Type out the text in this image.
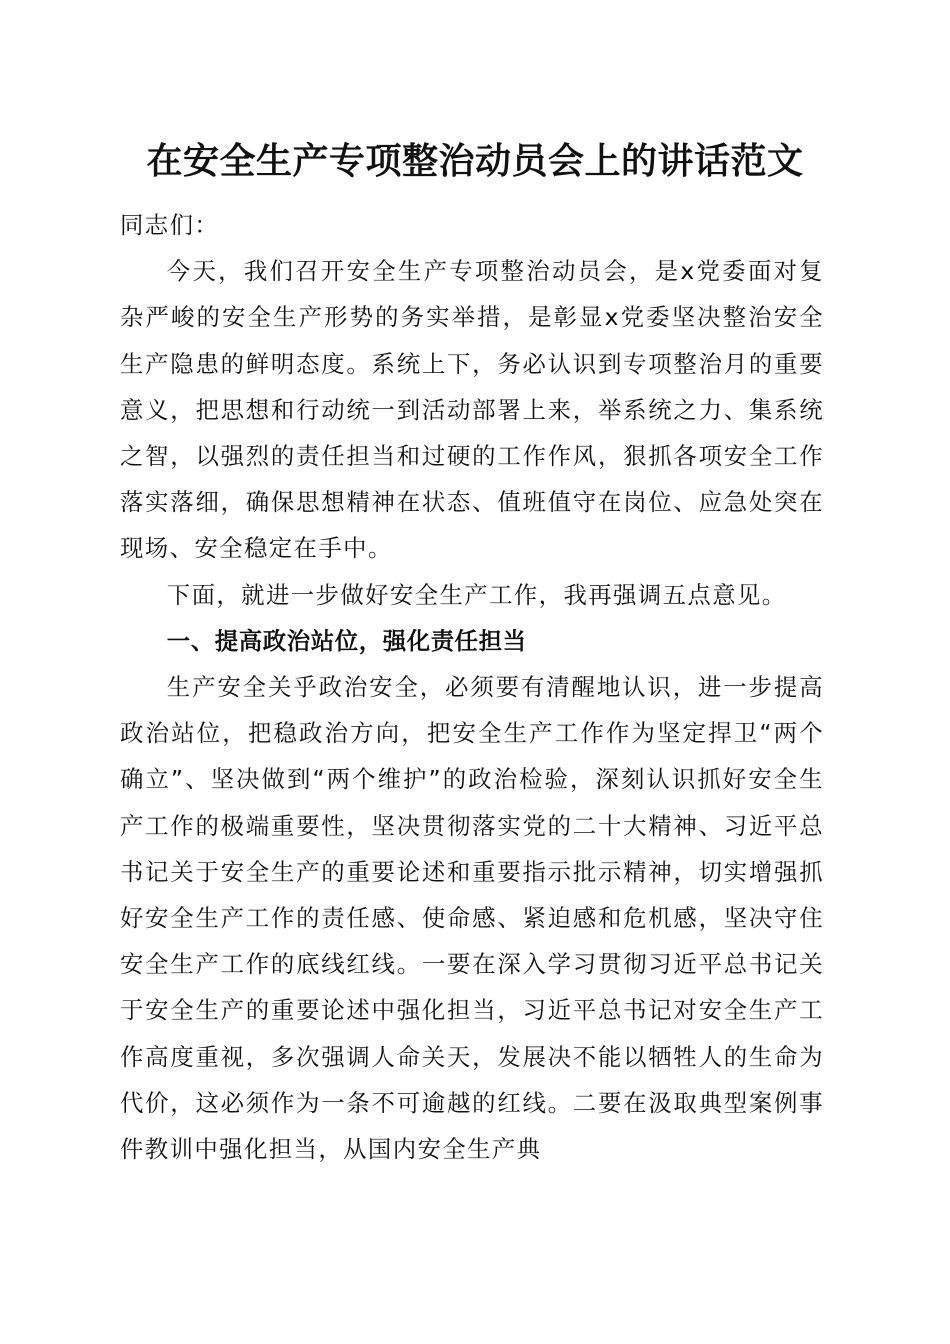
在安全生产专项整治动员会上的讲话范文

同志们：

今天，我们召开安全生产专项整治动员会，是x党委面对复杂严峻的安全生产形势的务实举措，是彰显x党委坚决整治安全生产隐患的鲜明态度。系统上下，务必认识到专项整治月的重要意义，把思想和行动统一到活动部署上来，举系统之力、集系统之智，以强烈的责任担当和过硬的工作作风，狠抓各项安全工作落实落细，确保思想精神在状态、值班值守在岗位、应急处突在现场、安全稳定在手中。

下面，就进一步做好安全生产工作，我再强调五点意见。

一、提高政治站位，强化责任担当

生产安全关乎政治安全，必须要有清醒地认识，进一步提高政治站位，把稳政治方向，把安全生产工作作为坚定捍卫“两个确立”、坚决做到“两个维护”的政治检验，深刻认识抓好安全生产工作的极端重要性，坚决贯彻落实党的二十大精神、习近平总书记关于安全生产的重要论述和重要指示批示精神，切实增强抓好安全生产工作的责任感、使命感、紧迫感和危机感，坚决守住安全生产工作的底线红线。一要在深入学习贯彻习近平总书记关于安全生产的重要论述中强化担当，习近平总书记对安全生产工作高度重视，多次强调人命关天，发展决不能以牺牲人的生命为代价，这必须作为一条不可逾越的红线。二要在汲取典型案例事件教训中强化担当，从国内安全生产典
